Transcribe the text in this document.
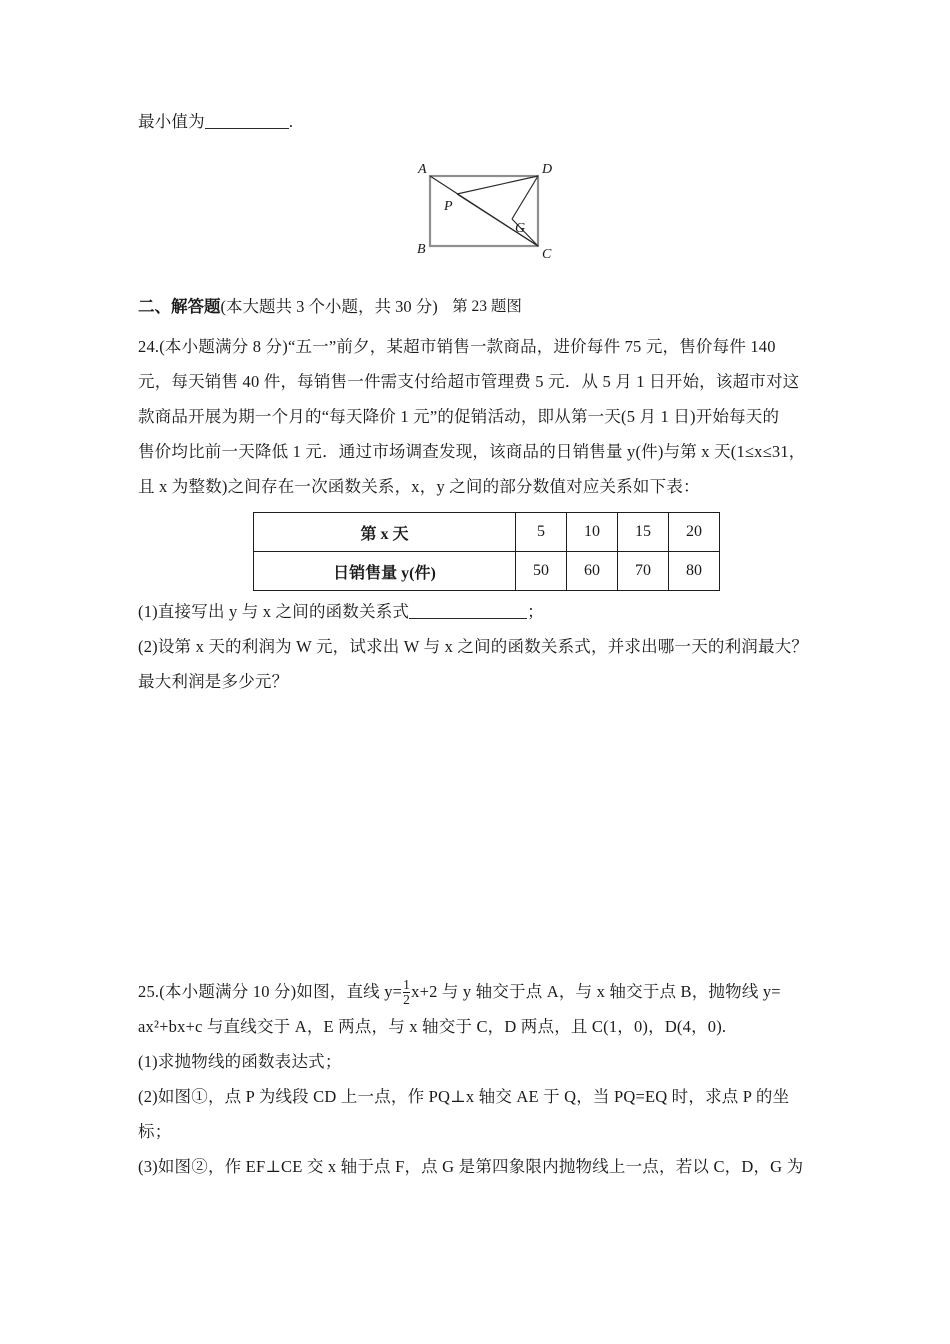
最小值为	.
A	D
B	C
P
G
第 23 题图
二、解答题(本大题共 3 个小题，共 30 分)
24.(本小题满分 8 分)“五一”前夕，某超市销售一款商品，进价每件 75 元，售价每件 140
元，每天销售 40 件，每销售一件需支付给超市管理费 5 元．从 5 月 1 日开始，该超市对这
款商品开展为期一个月的“每天降价 1 元”的促销活动，即从第一天(5 月 1 日)开始每天的
售价均比前一天降低 1 元．通过市场调查发现，该商品的日销售量 y(件)与第 x 天(1≤x≤31，
且 x 为整数)之间存在一次函数关系，x，y 之间的部分数值对应关系如下表：
第 x 天	5	10	15	20
日销售量 y(件)	50	60	70	80
(1)直接写出 y 与 x 之间的函数关系式	；
(2)设第 x 天的利润为 W 元，试求出 W 与 x 之间的函数关系式，并求出哪一天的利润最大？
最大利润是多少元？
25.(本小题满分 10 分)如图，直线 $y= \frac{1}{2} x+2$ 与 y 轴交于点 A，与 x 轴交于点 B，抛物线 y=
ax²+bx+c 与直线交于 A，E 两点，与 x 轴交于 C，D 两点，且 C(1，0)，D(4，0).
(1)求抛物线的函数表达式；
(2)如图①，点 P 为线段 CD 上一点，作 PQ⊥x 轴交 AE 于 Q，当 PQ=EQ 时，求点 P 的坐
标；
(3)如图②，作 EF⊥CE 交 x 轴于点 F，点 G 是第四象限内抛物线上一点，若以 C，D，G 为
